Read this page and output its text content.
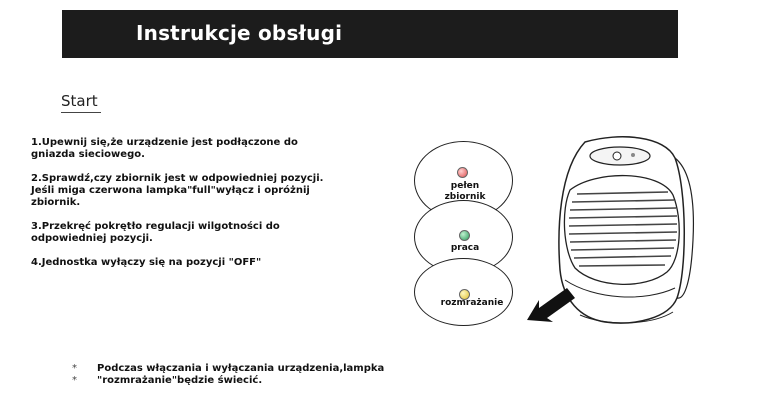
Instrukcje obsługi
Start
1.Upewnij się,że urządzenie jest podłączone do
gniazda sieciowego.
2.Sprawdź,czy zbiornik jest w odpowiedniej pozycji.
Jeśli miga czerwona lampka"full"wyłącz i opróżnij
zbiornik.
3.Przekręć pokrętło regulacji wilgotności do
odpowiedniej pozycji.
4.Jednostka wyłączy się na pozycji "OFF"
pełen
zbiornik
praca
rozmrażanie
* *
Podczas włączania i wyłączania urządzenia,lampka
"rozmrażanie"będzie świecić.
